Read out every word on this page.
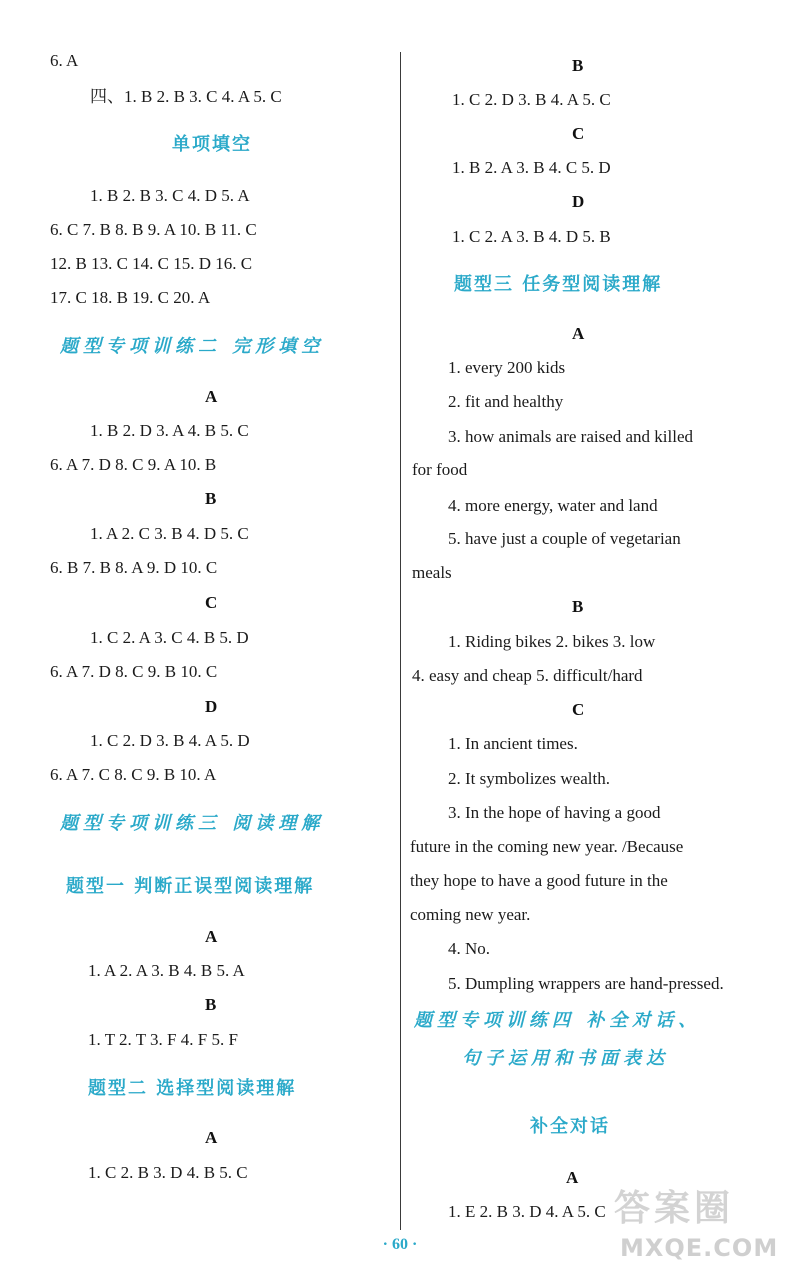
6. A
四、1. B 2. B 3. C 4. A 5. C
单项填空
1. B 2. B 3. C 4. D 5. A
6. C 7. B 8. B 9. A 10. B 11. C
12. B 13. C 14. C 15. D 16. C
17. C 18. B 19. C 20. A
题型专项训练二 完形填空
A
1. B 2. D 3. A 4. B 5. C
6. A 7. D 8. C 9. A 10. B
B
1. A 2. C 3. B 4. D 5. C
6. B 7. B 8. A 9. D 10. C
C
1. C 2. A 3. C 4. B 5. D
6. A 7. D 8. C 9. B 10. C
D
1. C 2. D 3. B 4. A 5. D
6. A 7. C 8. C 9. B 10. A
题型专项训练三 阅读理解
题型一 判断正误型阅读理解
A
1. A 2. A 3. B 4. B 5. A
B
1. T 2. T 3. F 4. F 5. F
题型二 选择型阅读理解
A
1. C 2. B 3. D 4. B 5. C
B
1. C 2. D 3. B 4. A 5. C
C
1. B 2. A 3. B 4. C 5. D
D
1. C 2. A 3. B 4. D 5. B
题型三 任务型阅读理解
A
1. every 200 kids
2. fit and healthy
3. how animals are raised and killed
for food
4. more energy, water and land
5. have just a couple of vegetarian
meals
B
1. Riding bikes 2. bikes 3. low
4. easy and cheap 5. difficult/hard
C
1. In ancient times.
2. It symbolizes wealth.
3. In the hope of having a good
future in the coming new year. /Because
they hope to have a good future in the
coming new year.
4. No.
5. Dumpling wrappers are hand-pressed.
题型专项训练四 补全对话、
句子运用和书面表达
补全对话
A
1. E 2. B 3. D 4. A 5. C
· 60 ·
答案圈
MXQE.COM
